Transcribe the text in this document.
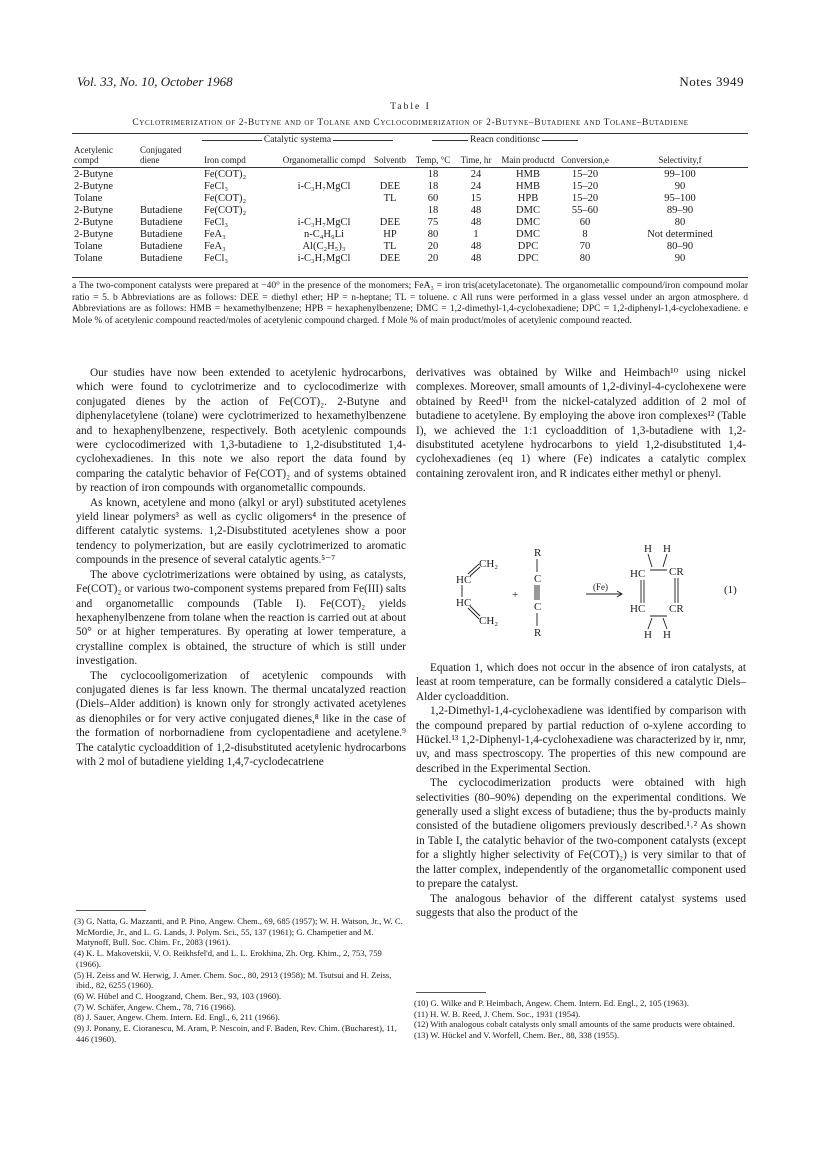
Vol. 33, No. 10, October 1968	Notes 3949
Table I
Cyclotrimerization of 2-Butyne and of Tolane and Cyclocodimerization of 2-Butyne–Butadiene and Tolane–Butadiene
Catalytic systema	Reacn conditionsc
Acetylenic compd	Conjugated diene	Iron compd	Organometallic compd	Solventb	Temp, °C	Time, hr	Main productd	Conversion,e	Selectivity,f

2-Butyne		Fe(COT)₂			18	24	HMB	15–20	99–100
2-Butyne		FeCl₃	i-C₃H₇MgCl	DEE	18	24	HMB	15–20	90
Tolane		Fe(COT)₂		TL	60	15	HPB	15–20	95–100
2-Butyne	Butadiene	Fe(COT)₂			18	48	DMC	55–60	89–90
2-Butyne	Butadiene	FeCl₃	i-C₃H₇MgCl	DEE	75	48	DMC	60	80
2-Butyne	Butadiene	FeA₃	n-C₄H₉Li	HP	80	1	DMC	8	Not determined
Tolane	Butadiene	FeA₃	Al(C₂H₅)₃	TL	20	48	DPC	70	80–90
Tolane	Butadiene	FeCl₃	i-C₃H₇MgCl	DEE	20	48	DPC	80	90
a The two-component catalysts were prepared at −40° in the presence of the monomers; FeA₃ = iron tris(acetylacetonate). The organometallic compound/iron compound molar ratio = 5. b Abbreviations are as follows: DEE = diethyl ether; HP = n-heptane; TL = toluene. c All runs were performed in a glass vessel under an argon atmosphere. d Abbreviations are as follows: HMB = hexamethylbenzene; HPB = hexaphenylbenzene; DMC = 1,2-dimethyl-1,4-cyclohexadiene; DPC = 1,2-diphenyl-1,4-cyclohexadiene. e Mole % of acetylenic compound reacted/moles of acetylenic compound charged. f Mole % of main product/moles of acetylenic compound reacted.

Our studies have now been extended to acetylenic hydrocarbons, which were found to cyclotrimerize and to cyclocodimerize with conjugated dienes by the action of Fe(COT)₂. 2-Butyne and diphenylacetylene (tolane) were cyclotrimerized to hexamethylbenzene and to hexaphenylbenzene, respectively. Both acetylenic compounds were cyclocodimerized with 1,3-butadiene to 1,2-disubstituted 1,4-cyclohexadienes. In this note we also report the data found by comparing the catalytic behavior of Fe(COT)₂ and of systems obtained by reaction of iron compounds with organometallic compounds.

As known, acetylene and mono (alkyl or aryl) substituted acetylenes yield linear polymers³ as well as cyclic oligomers⁴ in the presence of different catalytic systems. 1,2-Disubstituted acetylenes show a poor tendency to polymerization, but are easily cyclotrimerized to aromatic compounds in the presence of several catalytic agents.⁵⁻⁷

The above cyclotrimerizations were obtained by using, as catalysts, Fe(COT)₂ or various two-component systems prepared from Fe(III) salts and organometallic compounds (Table I). Fe(COT)₂ yields hexaphenylbenzene from tolane when the reaction is carried out at about 50° or at higher temperatures. By operating at lower temperature, a crystalline complex is obtained, the structure of which is still under investigation.

The cyclocooligomerization of acetylenic compounds with conjugated dienes is far less known. The thermal uncatalyzed reaction (Diels–Alder addition) is known only for strongly activated acetylenes as dienophiles or for very active conjugated dienes,⁸ like in the case of the formation of norbornadiene from cyclopentadiene and acetylene.⁹ The catalytic cycloaddition of 1,2-disubstituted acetylenic hydrocarbons with 2 mol of butadiene yielding 1,4,7-cyclodecatriene

(3) G. Natta, G. Mazzanti, and P. Pino, Angew. Chem., 69, 685 (1957); W. H. Watson, Jr., W. C. McMordie, Jr., and L. G. Lands, J. Polym. Sci., 55, 137 (1961); G. Champetier and M. Matynoff, Bull. Soc. Chim. Fr., 2083 (1961).
(4) K. L. Makovetskii, V. O. Reikhsfel'd, and L. L. Erokhina, Zh. Org. Khim., 2, 753, 759 (1966).
(5) H. Zeiss and W. Herwig, J. Amer. Chem. Soc., 80, 2913 (1958); M. Tsutsui and H. Zeiss, ibid., 82, 6255 (1960).
(6) W. Hübel and C. Hoogzand, Chem. Ber., 93, 103 (1960).
(7) W. Schäfer, Angew. Chem., 78, 716 (1966).
(8) J. Sauer, Angew. Chem. Intern. Ed. Engl., 6, 211 (1966).
(9) J. Ponany, E. Cioranescu, M. Aram, P. Nescoin, and F. Baden, Rev. Chim. (Bucharest), 11, 446 (1960).

derivatives was obtained by Wilke and Heimbach¹⁰ using nickel complexes. Moreover, small amounts of 1,2-divinyl-4-cyclohexene were obtained by Reed¹¹ from the nickel-catalyzed addition of 2 mol of butadiene to acetylene. By employing the above iron complexes¹² (Table I), we achieved the 1:1 cycloaddition of 1,3-butadiene with 1,2-disubstituted acetylene hydrocarbons to yield 1,2-disubstituted 1,4-cyclohexadienes (eq 1) where (Fe) indicates a catalytic complex containing zerovalent iron, and R indicates either methyl or phenyl.

CH₂
HC
HC
CH₂
+
R
C
C
R
(Fe)
H H
HC CR
HC CR
H H
(1)

Equation 1, which does not occur in the absence of iron catalysts, at least at room temperature, can be formally considered a catalytic Diels–Alder cycloaddition.

1,2-Dimethyl-1,4-cyclohexadiene was identified by comparison with the compound prepared by partial reduction of o-xylene according to Hückel.¹³ 1,2-Diphenyl-1,4-cyclohexadiene was characterized by ir, nmr, uv, and mass spectroscopy. The properties of this new compound are described in the Experimental Section.

The cyclocodimerization products were obtained with high selectivities (80–90%) depending on the experimental conditions. We generally used a slight excess of butadiene; thus the by-products mainly consisted of the butadiene oligomers previously described.¹˒² As shown in Table I, the catalytic behavior of the two-component catalysts (except for a slightly higher selectivity of Fe(COT)₂) is very similar to that of the latter complex, independently of the organometallic component used to prepare the catalyst.

The analogous behavior of the different catalyst systems used suggests that also the product of the

(10) G. Wilke and P. Heimbach, Angew. Chem. Intern. Ed. Engl., 2, 105 (1963).
(11) H. W. B. Reed, J. Chem. Soc., 1931 (1954).
(12) With analogous cobalt catalysts only small amounts of the same products were obtained.
(13) W. Hückel and V. Worfell, Chem. Ber., 88, 338 (1955).
